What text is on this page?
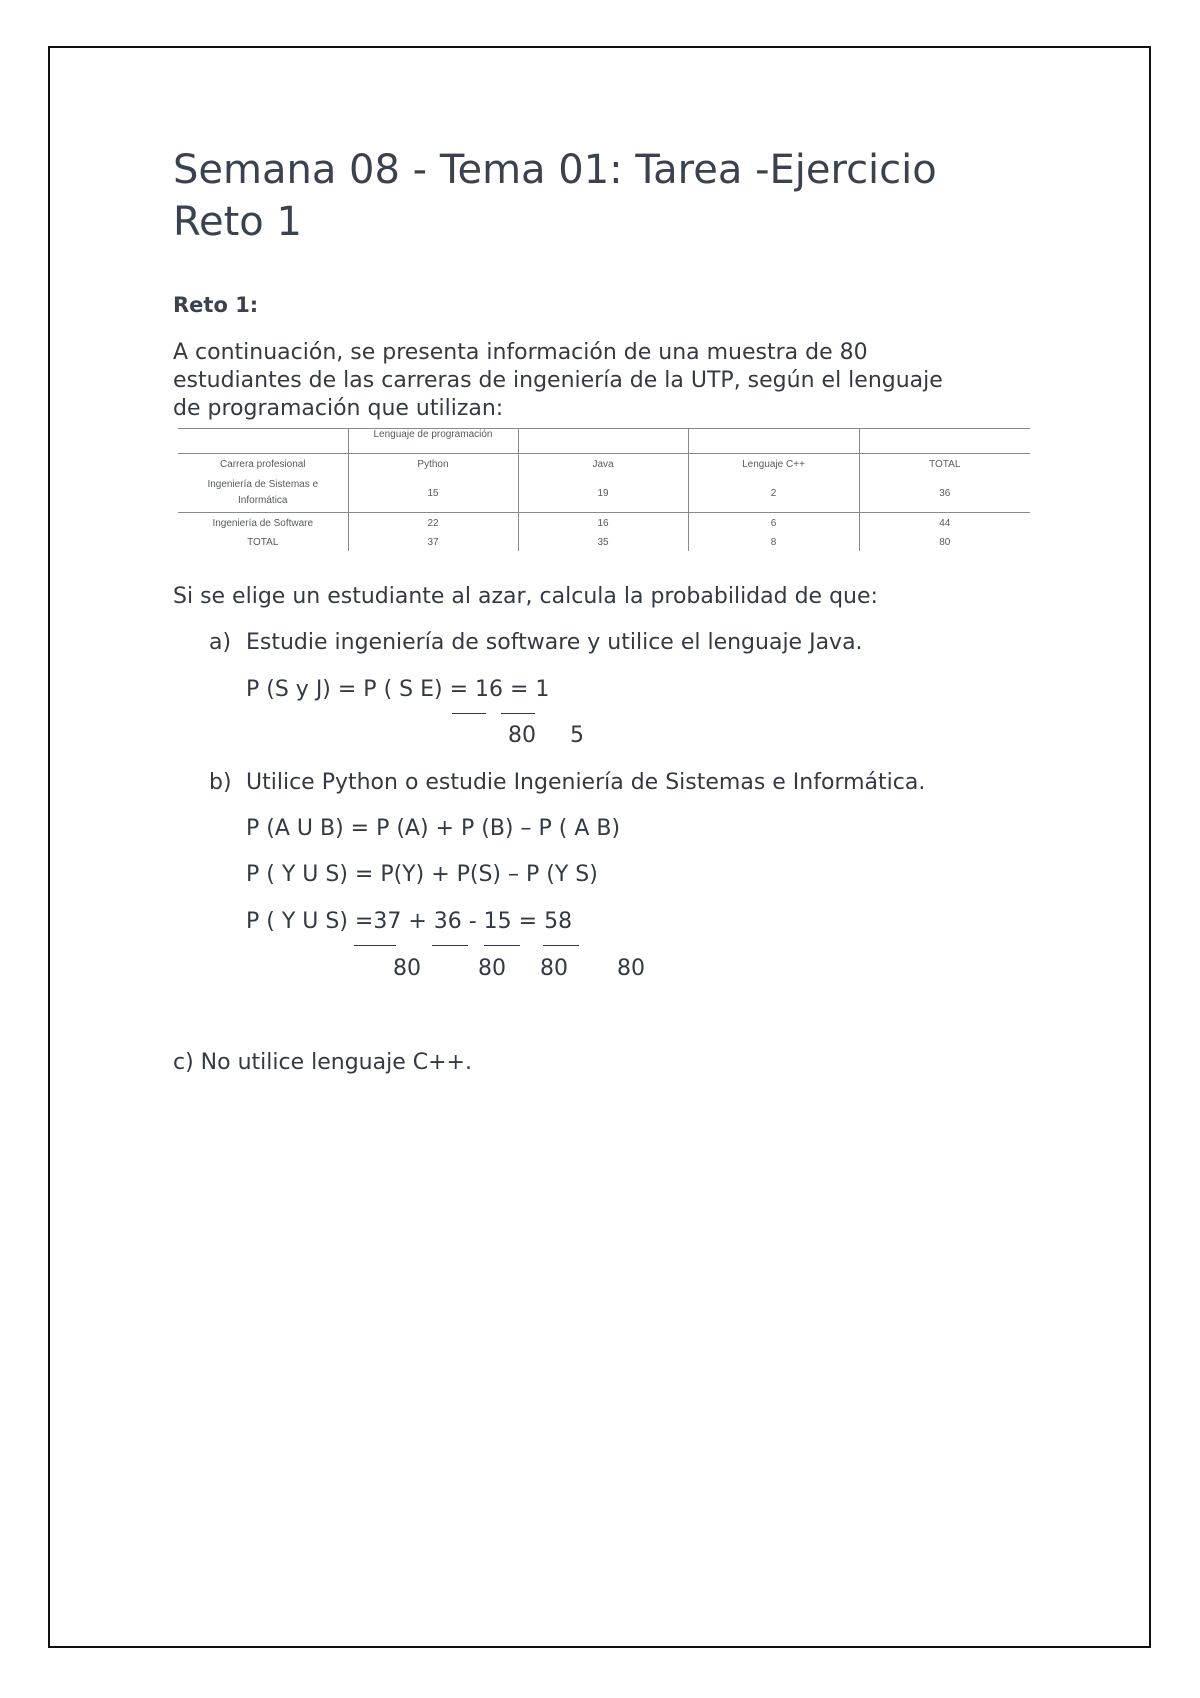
Semana 08 - Tema 01: Tarea -Ejercicio
Reto 1
Reto 1:
A continuación, se presenta información de una muestra de 80
estudiantes de las carreras de ingeniería de la UTP, según el lenguaje
de programación que utilizan:
	Lenguaje de programación			
Carrera profesional	Python	Java	Lenguaje C++	TOTAL
Ingeniería de Sistemas e Informática	15	19	2	36
Ingeniería de Software	22	16	6	44
TOTAL	37	35	8	80
Si se elige un estudiante al azar, calcula la probabilidad de que:
a) Estudie ingeniería de software y utilice el lenguaje Java.
P (S y J) = P ( S E) = 16 = 1
80 5
b) Utilice Python o estudie Ingeniería de Sistemas e Informática.
P (A U B) = P (A) + P (B) – P ( A B)
P ( Y U S) = P(Y) + P(S) – P (Y S)
P ( Y U S) =37 + 36 - 15 = 58
80	80 80 80
c) No utilice lenguaje C++.
